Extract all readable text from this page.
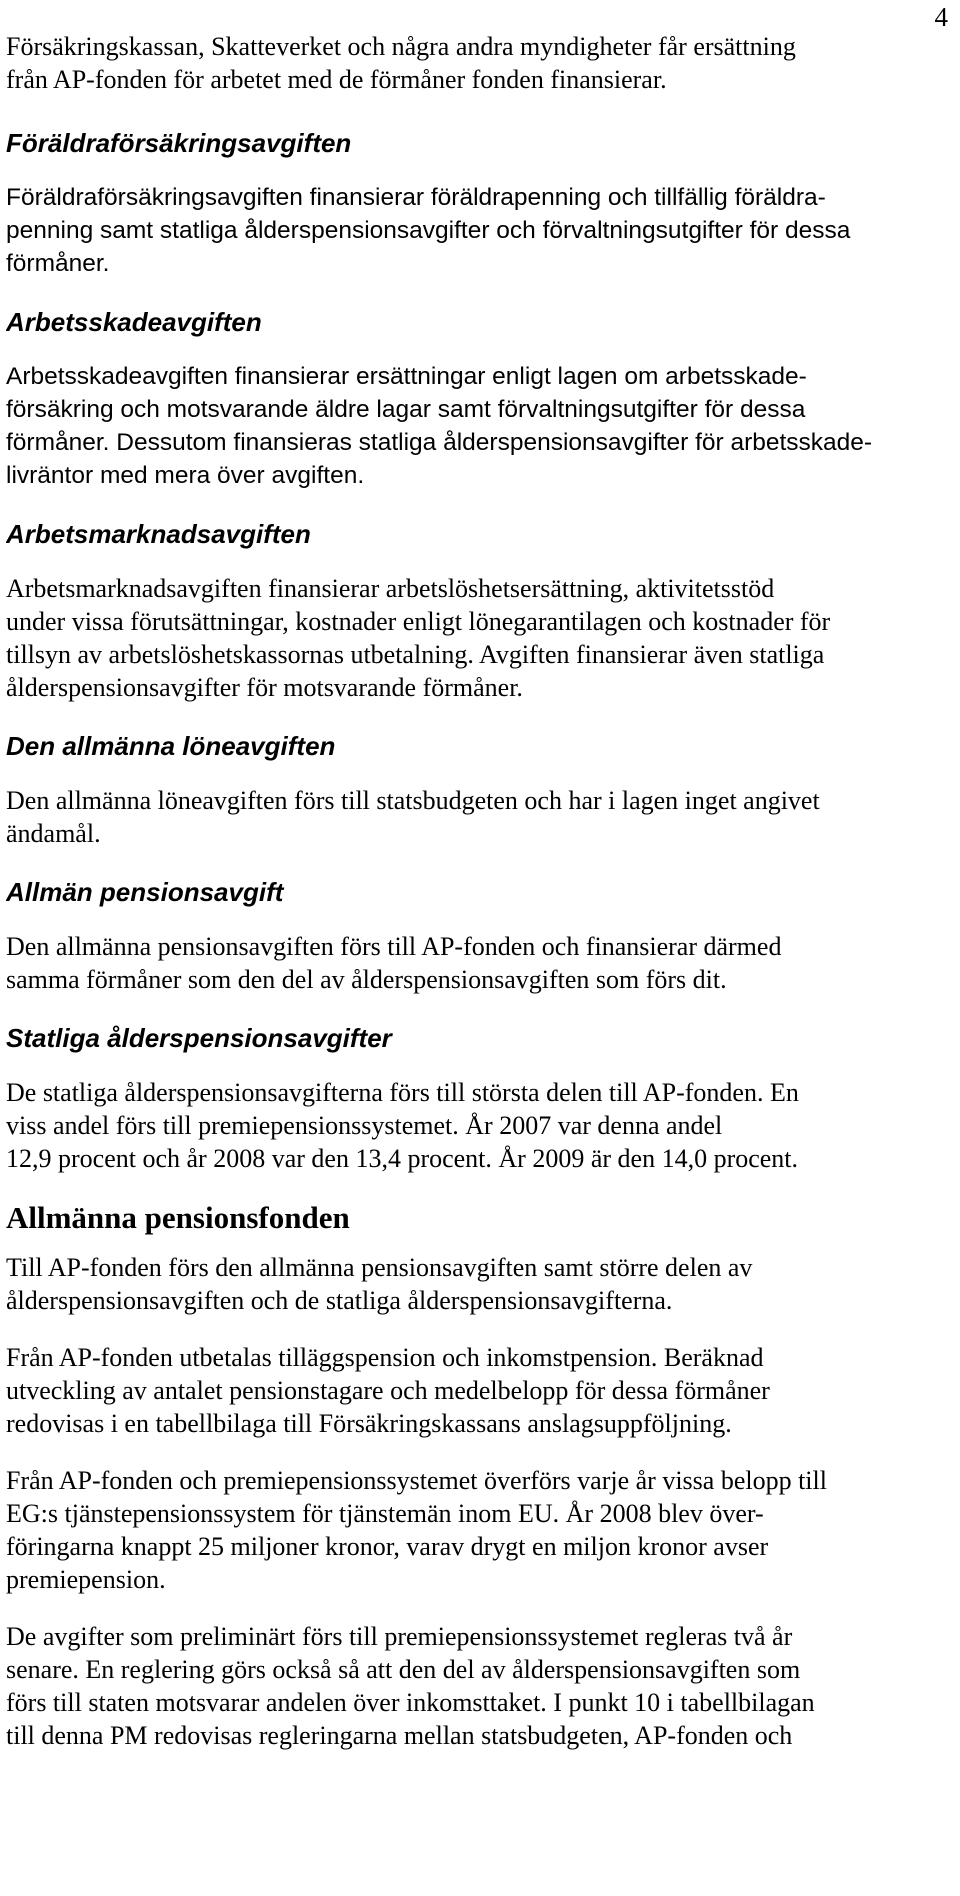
4

Försäkringskassan, Skatteverket och några andra myndigheter får ersättning
från AP-fonden för arbetet med de förmåner fonden finansierar.

Föräldraförsäkringsavgiften

Föräldraförsäkringsavgiften finansierar föräldrapenning och tillfällig föräldra-
penning samt statliga ålderspensionsavgifter och förvaltningsutgifter för dessa
förmåner.

Arbetsskadeavgiften

Arbetsskadeavgiften finansierar ersättningar enligt lagen om arbetsskade-
försäkring och motsvarande äldre lagar samt förvaltningsutgifter för dessa
förmåner. Dessutom finansieras statliga ålderspensionsavgifter för arbetsskade-
livräntor med mera över avgiften.

Arbetsmarknadsavgiften

Arbetsmarknadsavgiften finansierar arbetslöshetsersättning, aktivitetsstöd
under vissa förutsättningar, kostnader enligt lönegarantilagen och kostnader för
tillsyn av arbetslöshetskassornas utbetalning. Avgiften finansierar även statliga
ålderspensionsavgifter för motsvarande förmåner.

Den allmänna löneavgiften

Den allmänna löneavgiften förs till statsbudgeten och har i lagen inget angivet
ändamål.

Allmän pensionsavgift

Den allmänna pensionsavgiften förs till AP-fonden och finansierar därmed
samma förmåner som den del av ålderspensionsavgiften som förs dit.

Statliga ålderspensionsavgifter

De statliga ålderspensionsavgifterna förs till största delen till AP-fonden. En
viss andel förs till premiepensionssystemet. År 2007 var denna andel
12,9 procent och år 2008 var den 13,4 procent. År 2009 är den 14,0 procent.

Allmänna pensionsfonden

Till AP-fonden förs den allmänna pensionsavgiften samt större delen av
ålderspensionsavgiften och de statliga ålderspensionsavgifterna.

Från AP-fonden utbetalas tilläggspension och inkomstpension. Beräknad
utveckling av antalet pensionstagare och medelbelopp för dessa förmåner
redovisas i en tabellbilaga till Försäkringskassans anslagsuppföljning.

Från AP-fonden och premiepensionssystemet överförs varje år vissa belopp till
EG:s tjänstepensionssystem för tjänstemän inom EU. År 2008 blev över-
föringarna knappt 25 miljoner kronor, varav drygt en miljon kronor avser
premiepension.

De avgifter som preliminärt förs till premiepensionssystemet regleras två år
senare. En reglering görs också så att den del av ålderspensionsavgiften som
förs till staten motsvarar andelen över inkomsttaket. I punkt 10 i tabellbilagan
till denna PM redovisas regleringarna mellan statsbudgeten, AP-fonden och
